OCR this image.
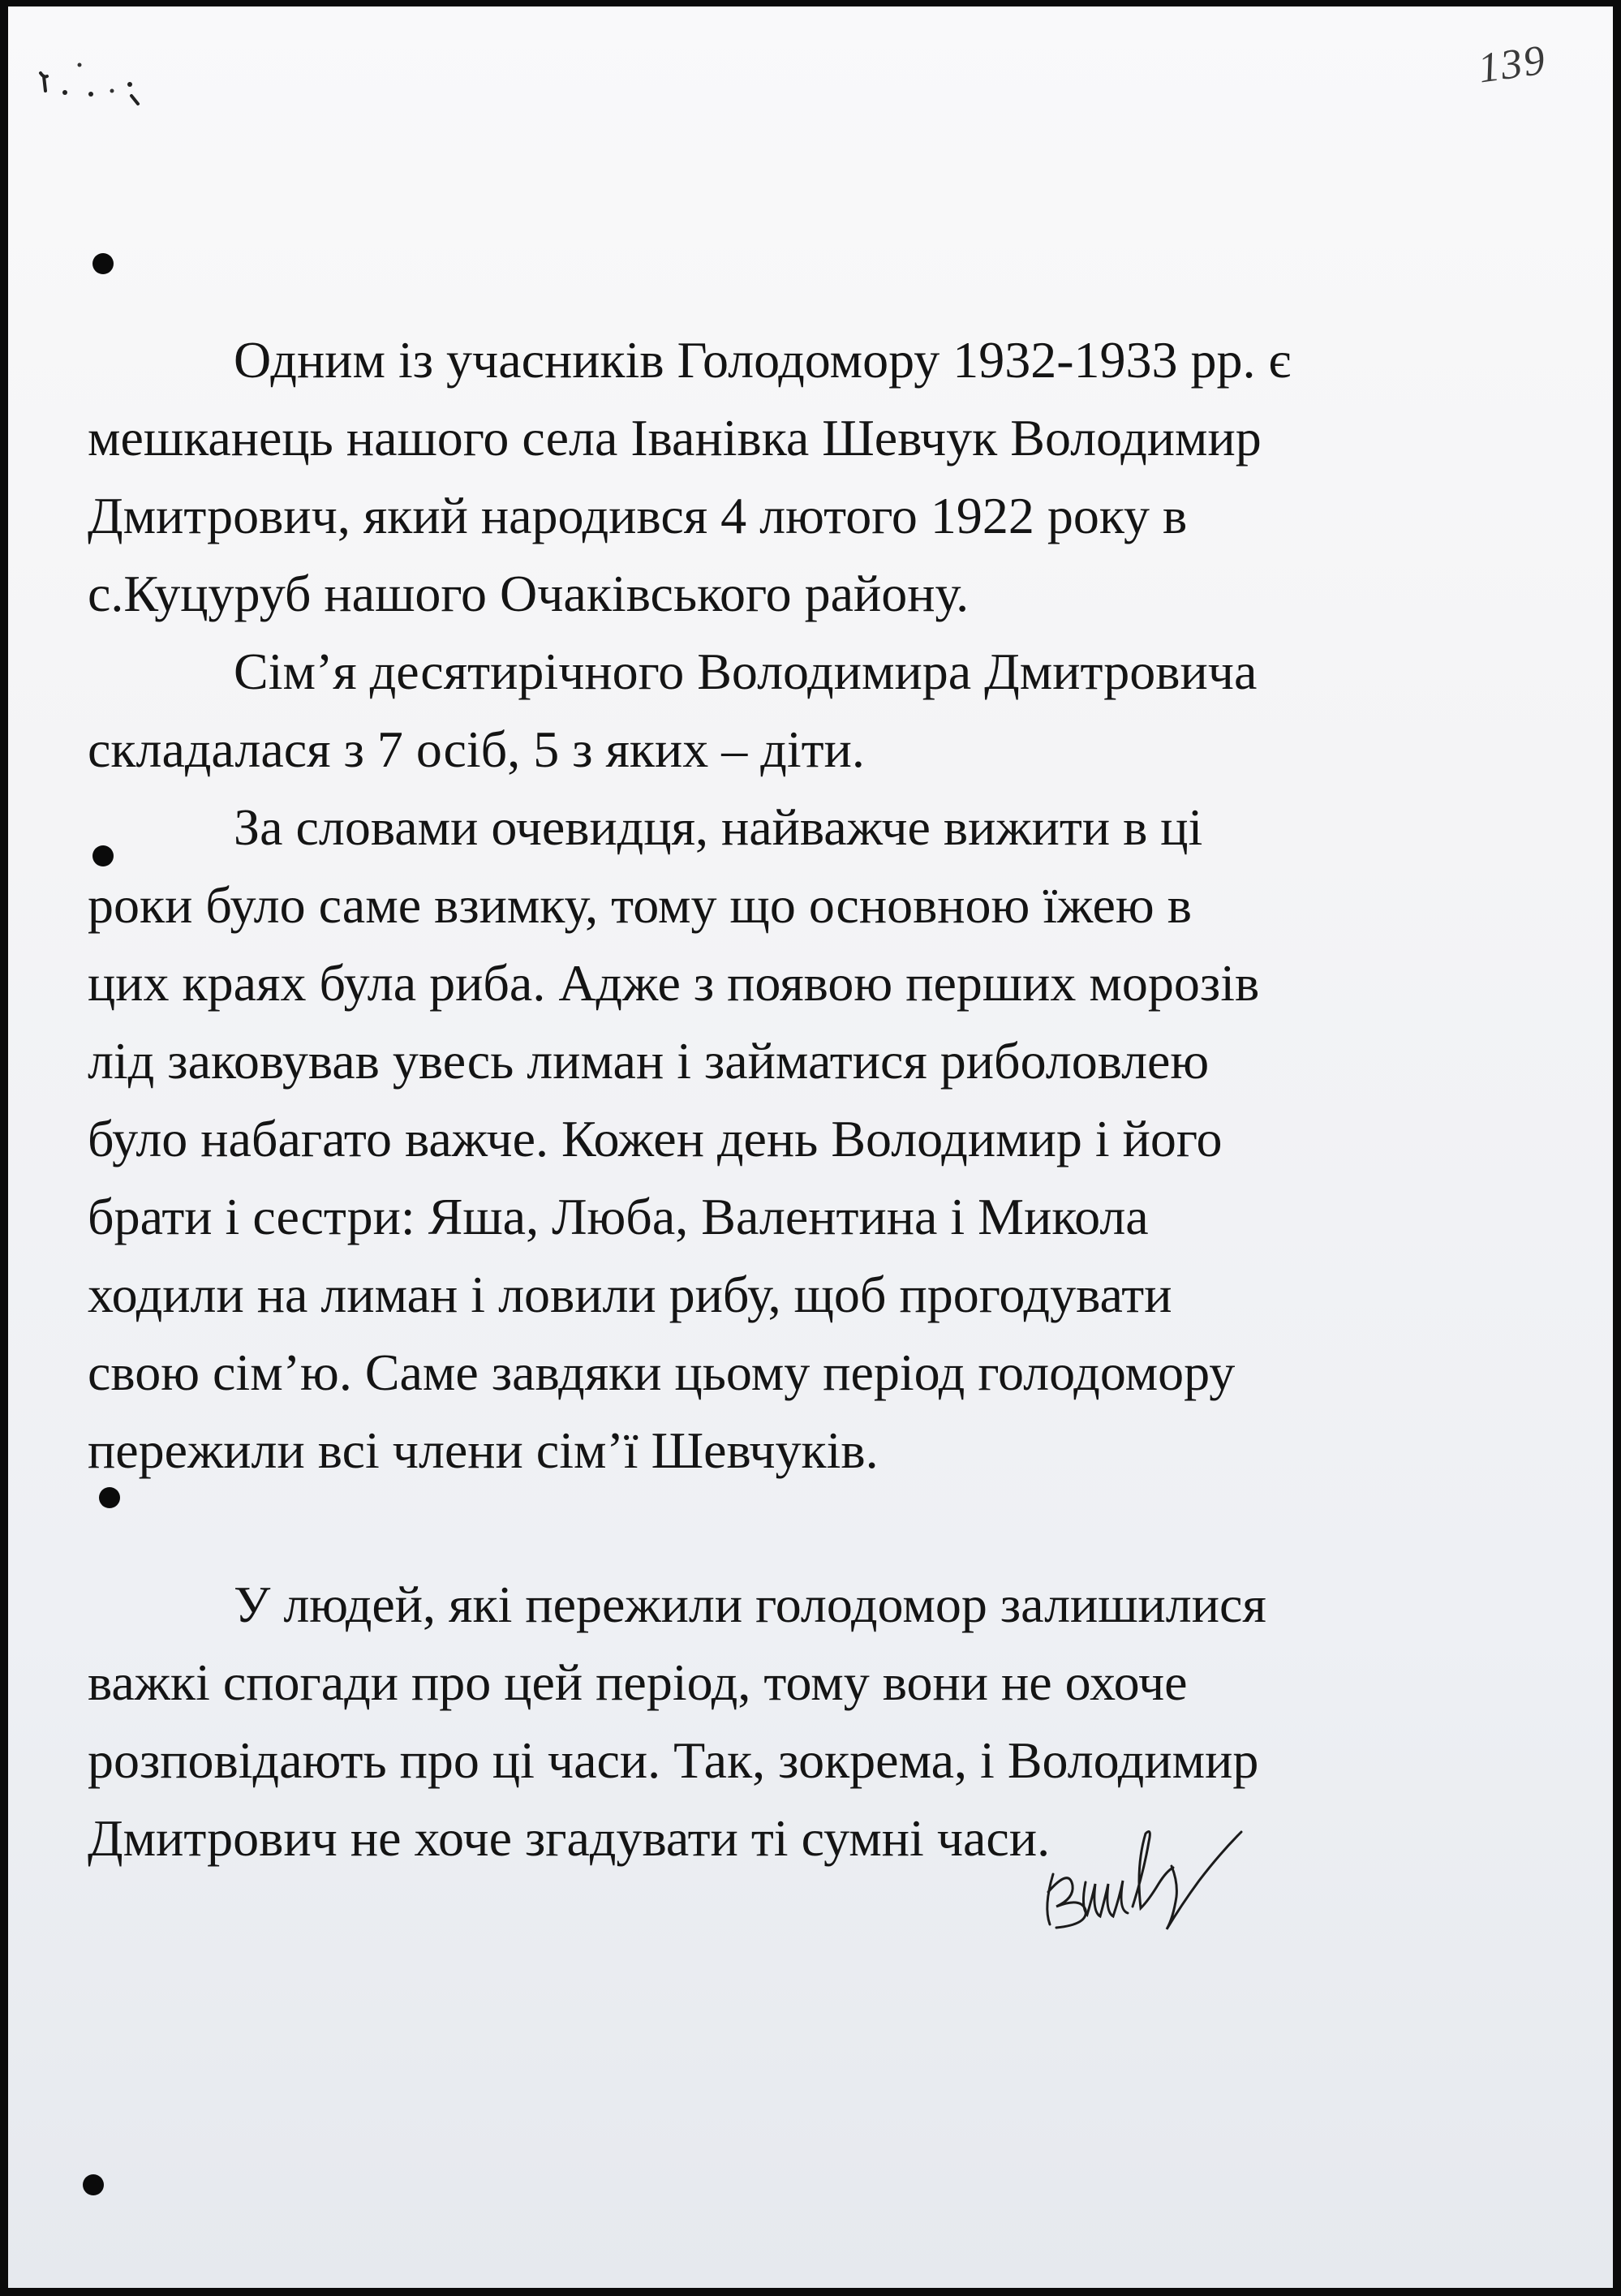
139
Одним із учасників Голодомору 1932-1933 рр. є
мешканець нашого села Іванівка Шевчук Володимир
Дмитрович, який народився 4 лютого 1922 року в
с.Куцуруб нашого Очаківського району.
Сім’я десятирічного Володимира Дмитровича
складалася з 7 осіб, 5 з яких – діти.
За словами очевидця, найважче вижити в ці
роки було саме взимку, тому що основною їжею в
цих краях була риба. Адже з появою перших морозів
лід заковував увесь лиман і займатися риболовлею
було набагато важче. Кожен день Володимир і його
брати і сестри: Яша, Люба, Валентина і Микола
ходили на лиман і ловили рибу, щоб прогодувати
свою сім’ю. Саме завдяки цьому період голодомору
пережили всі члени сім’ї Шевчуків.
У людей, які пережили голодомор залишилися
важкі спогади про цей період, тому вони не охоче
розповідають про ці часи. Так, зокрема, і Володимир
Дмитрович не хоче згадувати ті сумні часи.
